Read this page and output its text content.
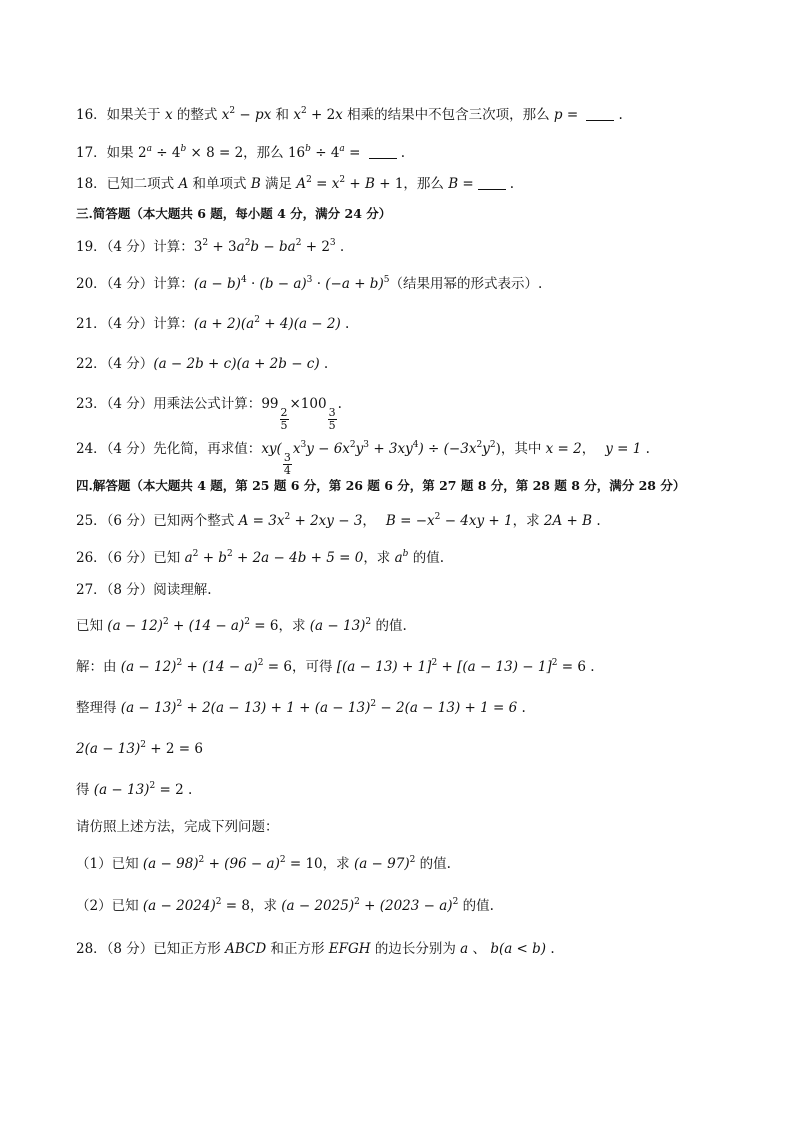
16．如果关于 x 的整式 $x^2$ − px 和 $x^2 + 2x$ 相乘的结果中不包含三次项，那么 p =	.
17．如果 $2^a \div 4^b \times 8 = 2$，那么 $16^b \div 4^a$ =	.
18．已知二项式 A 和单项式 B 满足 $A^2 = x^2 + B + 1$，那么 B =	.
三.简答题（本大题共 6 题，每小题 4 分，满分 24 分）
19．（4 分）计算：$3^2 + 3a^2b - ba^2 + 2^3$ .
20．（4 分）计算：$(a - b)^4 \cdot (b - a)^3 \cdot (-a + b)^5$（结果用幂的形式表示）.
21．（4 分）计算：$(a + 2)(a^2 + 4)(a - 2)$ .
22．（4 分）(a − 2b + c)(a + 2b − c) .
23．（4 分）用乘法公式计算：99
$\frac{2}{5}$
×100
$\frac{3}{5}$
.
24．（4 分）先化简，再求值：xy(
$\frac{3}{4}$
$x^3y - 6x^2y^3 + 3xy^4) \div (-3x^2y^2)$，其中 x = 2， y = 1 .
四.解答题（本大题共 4 题，第 25 题 6 分，第 26 题 6 分，第 27 题 8 分，第 28 题 8 分，满分 28 分）
25．（6 分）已知两个整式 $A = 3x^2 + 2xy - 3$， $B = -x^2 - 4xy + 1$，求 2A + B .
26．（6 分）已知 $a^2 + b^2 + 2a - 4b + 5 = 0$，求 $a^b$ 的值.
27．（8 分）阅读理解.
已知 $(a - 12)^2 + (14 - a)^2 = 6$，求 $(a - 13)^2$ 的值.
解：由 $(a - 12)^2 + (14 - a)^2 = 6$，可得 $[(a - 13) + 1]^2 + [(a - 13) - 1]^2 = 6$ .
整理得 $(a - 13)^2 + 2(a - 13) + 1 + (a - 13)^2 - 2(a - 13) + 1 = 6$ .
$2(a - 13)^2 + 2 = 6$
得 $(a - 13)^2 = 2$ .
请仿照上述方法，完成下列问题：
（1）已知 $(a - 98)^2 + (96 - a)^2 = 10$，求 $(a - 97)^2$ 的值.
（2）已知 $(a - 2024)^2 = 8$，求 $(a - 2025)^2 + (2023 - a)^2$ 的值.
28．（8 分）已知正方形 ABCD 和正方形 EFGH 的边长分别为 a 、 b(a < b) .
